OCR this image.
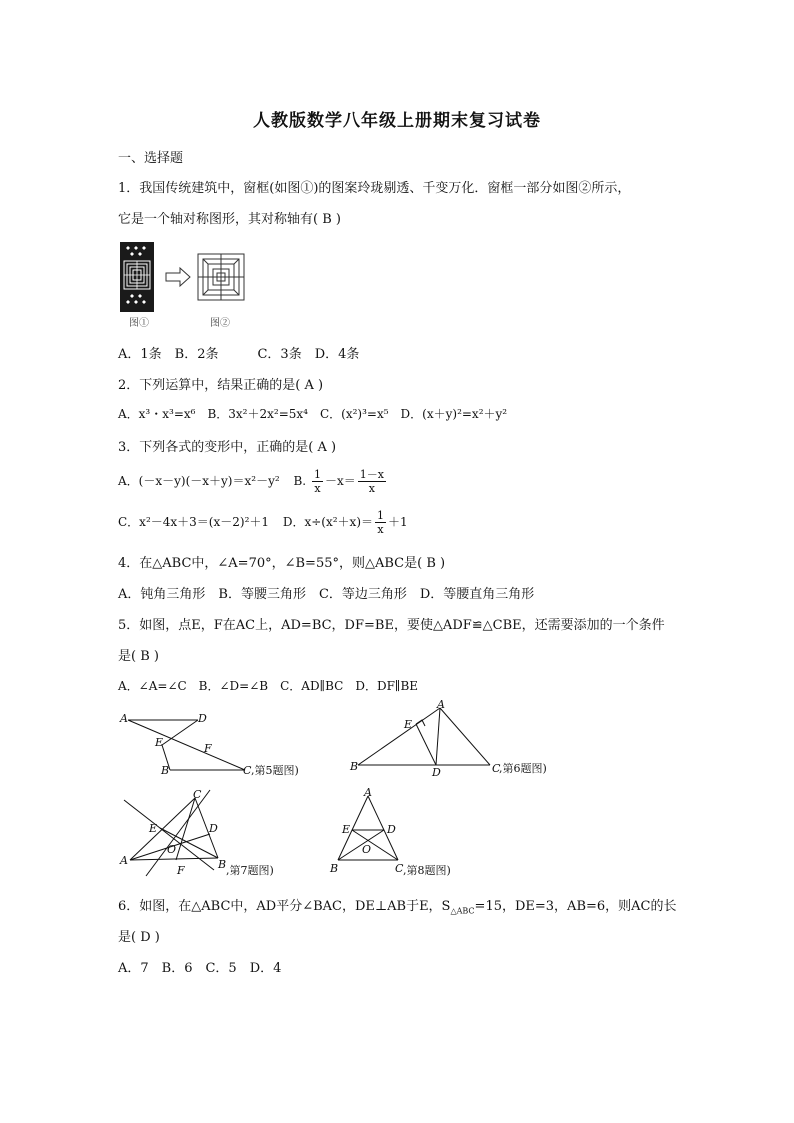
人教版数学八年级上册期末复习试卷
一、选择题
1．我国传统建筑中，窗框(如图①)的图案玲珑剔透、千变万化．窗框一部分如图②所示，
它是一个轴对称图形，其对称轴有( B )
图①	图②
A．1条　B．2条　　　C．3条　D．4条
2．下列运算中，结果正确的是( A )
A．x³・x³=x⁶　B．3x²＋2x²=5x⁴　C．(x²)³=x⁵　D．(x＋y)²=x²＋y²
3．下列各式的变形中，正确的是( A )
A．(－x－y)(－x＋y)＝x²－y² B. $\frac{1}{x} -x= \frac{1-x}{x}$
C．x²－4x＋3＝(x－2)²＋1 D．$x\div(x^2+x)= \frac{1}{x} +1$
4．在△ABC中，∠A=70°，∠B=55°，则△ABC是( B )
A．钝角三角形　B．等腰三角形　C．等边三角形　D．等腰直角三角形
5．如图，点E，F在AC上，AD=BC，DF=BE，要使△ADF≌△CBE，还需要添加的一个条件
是( B )
A．∠A=∠C　B．∠D=∠B　C．AD∥BC　D．DF∥BE
A	D
E	F
B	C ,第5题图)
A
E
B	D	C
,第6题图)
C
E	D
A
O
F	B ,第7题图)
A
E	D
O
B	C ,第8题图)
6．如图，在△ABC中，AD平分∠BAC，DE⊥AB于E，$S_{\triangle ABC}=15$，DE=3，AB=6，则AC的长
是( D )
A．7　B．6　C．5　D．4
